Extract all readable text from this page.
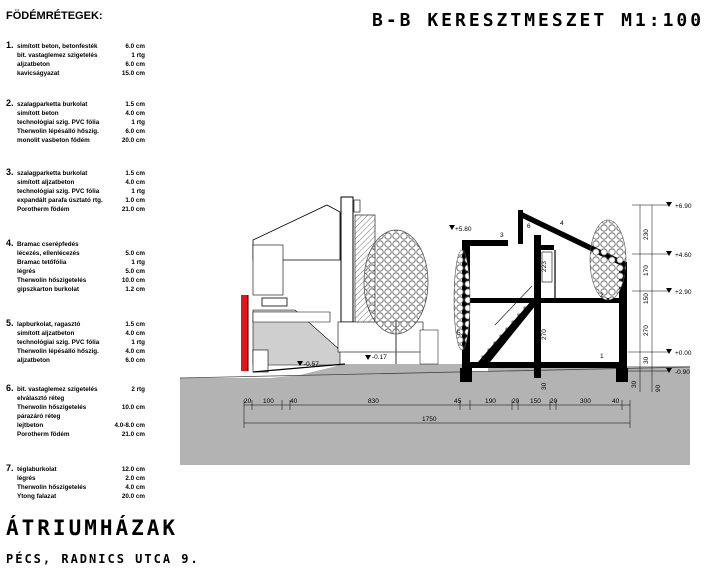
+6.90
+4.60
+2.90
+0.00
-0.90
+5.80
-0.57
-0.17
230
170
150
270
30
30
90
223
270
15
20
30
20 100 40	830	45	190 20 150 20	300	40
1750
1
2
3
4
5
6
7
FÖDÉMRÉTEGEK:
1. simított beton, betonfesték	6.0 cm
bit. vastaglemez szigetelés	1 rtg
aljzatbeton	6.0 cm
kavicságyazat	15.0 cm
2. szalagparketta burkolat	1.5 cm
simított beton	4.0 cm
technológiai szig. PVC fólia	1 rtg
Therwolin lépésálló hőszig.	6.0 cm
monolit vasbeton födém	20.0 cm
3. szalagparketta burkolat	1.5 cm
simított aljzatbeton	4.0 cm
technológiai szig. PVC fólia	1 rtg
expandált parafa úsztató rtg.	1.0 cm
Porotherm födém	21.0 cm
4. Bramac cserépfedés
lécezés, ellenlécezés	5.0 cm
Bramac tetőfólia	1 rtg
légrés	5.0 cm
Therwolin hőszigetelés	10.0 cm
gipszkarton burkolat	1.2 cm
5. lapburkolat, ragasztó	1.5 cm
simított aljzatbeton	4.0 cm
technológiai szig. PVC fólia	1 rtg
Therwolin lépésálló hőszig.	4.0 cm
aljzatbeton	6.0 cm
6. bit. vastaglemez szigetelés	2 rtg
elválasztó réteg
Therwolin hőszigetelés	10.0 cm
párazáró réteg
lejtbeton	4.0-8.0 cm
Porotherm födém	21.0 cm
7. téglaburkolat	12.0 cm
légrés	2.0 cm
Therwolin hőszigetelés	4.0 cm
Ytong falazat	20.0 cm
B-B KERESZTMESZET M1:100
ÁTRIUMHÁZAK
PÉCS, RADNICS UTCA 9.
